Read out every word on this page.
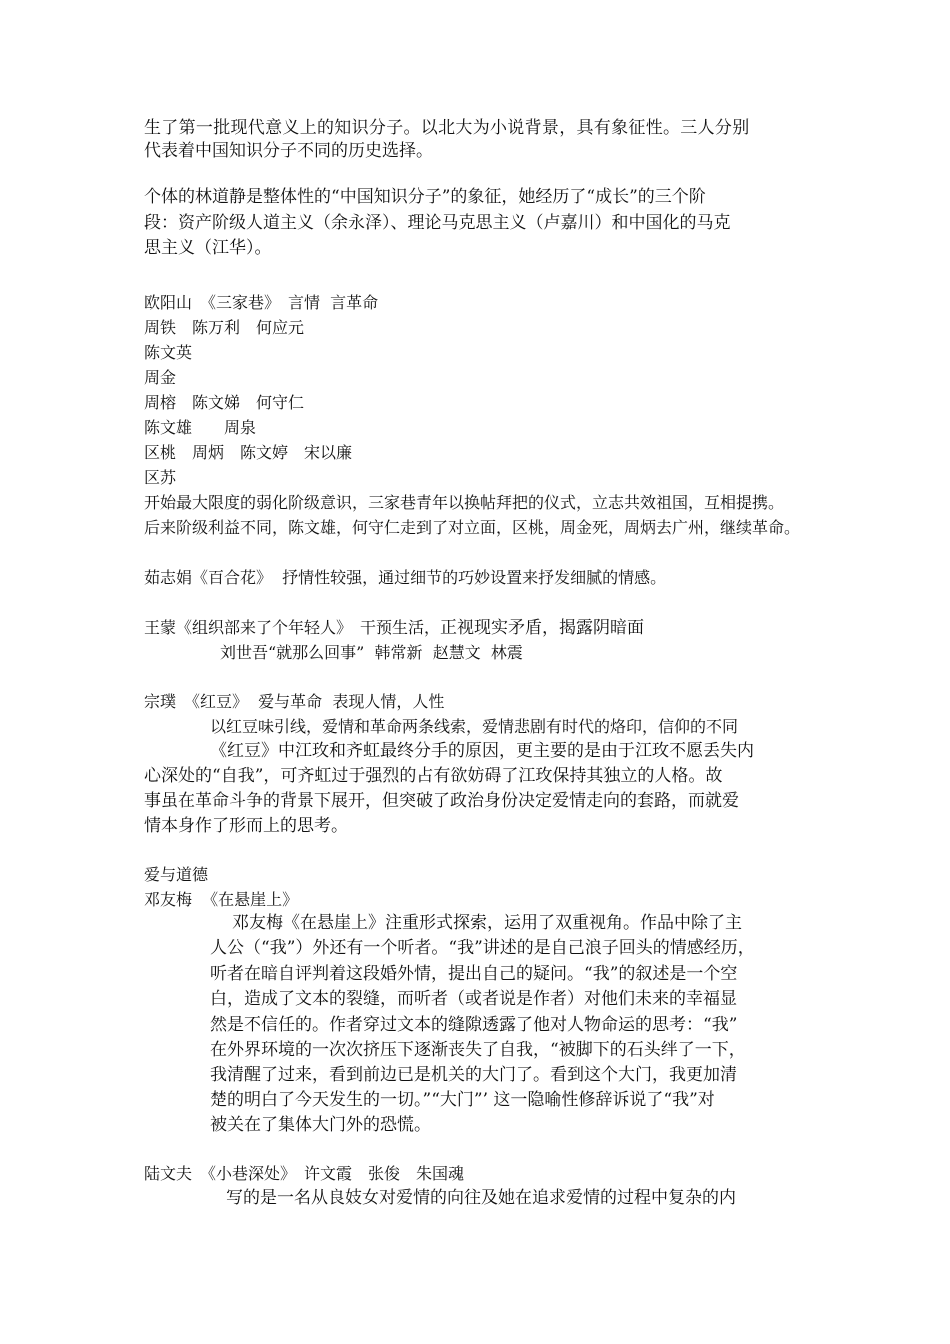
生了第一批现代意义上的知识分子。以北大为小说背景，具有象征性。三人分别
代表着中国知识分子不同的历史选择。
个体的林道静是整体性的“中国知识分子”的象征，她经历了“成长”的三个阶
段：资产阶级人道主义（余永泽）、理论马克思主义（卢嘉川）和中国化的马克
思主义（江华）。
欧阳山　《三家巷》　言情  言革命
周铁　陈万利　何应元
陈文英
周金
周榕　陈文娣　何守仁
陈文雄　　周泉
区桃　周炳　陈文婷　宋以廉
区苏
开始最大限度的弱化阶级意识，三家巷青年以换帖拜把的仪式，立志共效祖国，互相提携。
后来阶级利益不同，陈文雄，何守仁走到了对立面，区桃，周金死，周炳去广州，继续革命。
茹志娟《百合花》  抒情性较强，通过细节的巧妙设置来抒发细腻的情感。
王蒙《组织部来了个年轻人》　干预生活，正视现实矛盾，揭露阴暗面
刘世吾“就那么回事”  韩常新  赵慧文  林震
宗璞　《红豆》  爱与革命  表现人情，人性
以红豆味引线，爱情和革命两条线索，爱情悲剧有时代的烙印，信仰的不同
《红豆》中江玫和齐虹最终分手的原因，更主要的是由于江玫不愿丢失内
心深处的“自我”，可齐虹过于强烈的占有欲妨碍了江玫保持其独立的人格。故
事虽在革命斗争的背景下展开，但突破了政治身份决定爱情走向的套路，而就爱
情本身作了形而上的思考。
爱与道德
邓友梅  《在悬崖上》
邓友梅《在悬崖上》注重形式探索，运用了双重视角。作品中除了主
人公（“我”）外还有一个听者。“我”讲述的是自己浪子回头的情感经历，
听者在暗自评判着这段婚外情，提出自己的疑问。“我”的叙述是一个空
白，造成了文本的裂缝，而听者（或者说是作者）对他们未来的幸福显
然是不信任的。作者穿过文本的缝隙透露了他对人物命运的思考：“我”
在外界环境的一次次挤压下逐渐丧失了自我，“被脚下的石头绊了一下，
我清醒了过来，看到前边已是机关的大门了。看到这个大门，我更加清
楚的明白了今天发生的一切。”“大门”’ 这一隐喻性修辞诉说了“我”对
被关在了集体大门外的恐慌。
陆文夫　《小巷深处》　许文霞　张俊　朱国魂
写的是一名从良妓女对爱情的向往及她在追求爱情的过程中复杂的内
